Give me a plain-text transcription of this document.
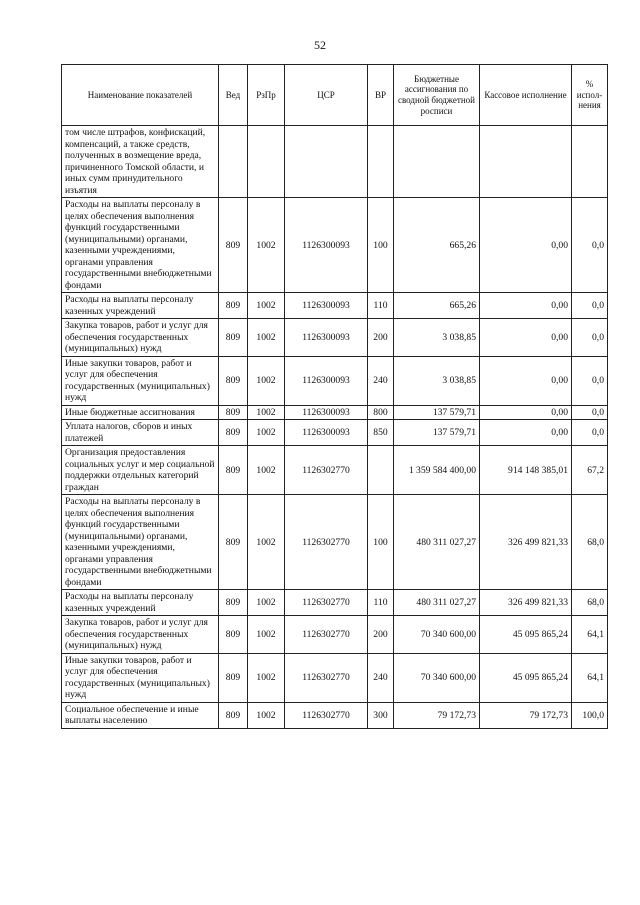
52
Наименование показателей	Вед	РзПр	ЦСР	ВР	Бюджетные ассигнования по сводной бюджетной росписи	Кассовое исполнение	% испол-нения
том числе штрафов, конфискаций, компенсаций, а также средств, полученных в возмещение вреда, причиненного Томской области, и иных сумм принудительного изъятия							
Расходы на выплаты персоналу в целях обеспечения выполнения функций государственными (муниципальными) органами, казенными учреждениями, органами управления государственными внебюджетными фондами	809	1002	1126300093	100	665,26	0,00	0,0
Расходы на выплаты персоналу казенных учреждений	809	1002	1126300093	110	665,26	0,00	0,0
Закупка товаров, работ и услуг для обеспечения государственных (муниципальных) нужд	809	1002	1126300093	200	3 038,85	0,00	0,0
Иные закупки товаров, работ и услуг для обеспечения государственных (муниципальных) нужд	809	1002	1126300093	240	3 038,85	0,00	0,0
Иные бюджетные ассигнования	809	1002	1126300093	800	137 579,71	0,00	0,0
Уплата налогов, сборов и иных платежей	809	1002	1126300093	850	137 579,71	0,00	0,0
Организация предоставления социальных услуг и мер социальной поддержки отдельных категорий граждан	809	1002	1126302770		1 359 584 400,00	914 148 385,01	67,2
Расходы на выплаты персоналу в целях обеспечения выполнения функций государственными (муниципальными) органами, казенными учреждениями, органами управления государственными внебюджетными фондами	809	1002	1126302770	100	480 311 027,27	326 499 821,33	68,0
Расходы на выплаты персоналу казенных учреждений	809	1002	1126302770	110	480 311 027,27	326 499 821,33	68,0
Закупка товаров, работ и услуг для обеспечения государственных (муниципальных) нужд	809	1002	1126302770	200	70 340 600,00	45 095 865,24	64,1
Иные закупки товаров, работ и услуг для обеспечения государственных (муниципальных) нужд	809	1002	1126302770	240	70 340 600,00	45 095 865,24	64,1
Социальное обеспечение и иные выплаты населению	809	1002	1126302770	300	79 172,73	79 172,73	100,0
